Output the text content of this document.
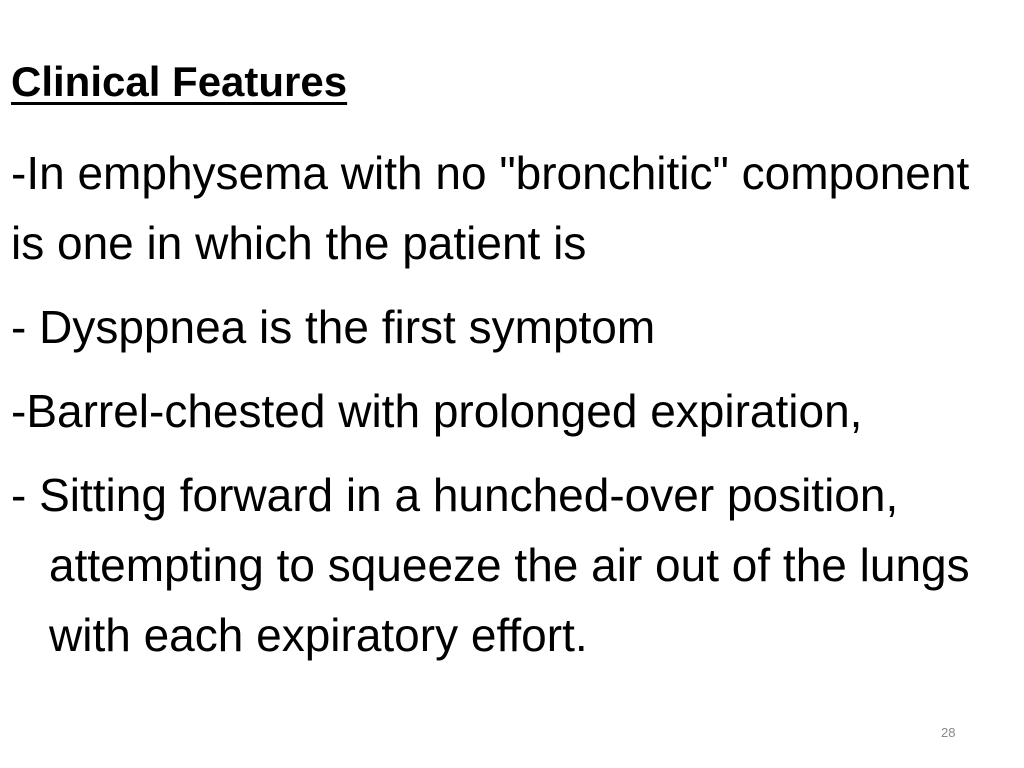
Clinical Features

-In emphysema with no "bronchitic" component is one in which the patient is

- Dysppnea is the first symptom

-Barrel-chested with prolonged expiration,

- Sitting forward in a hunched-over position, attempting to squeeze the air out of the lungs with each expiratory effort.

28
